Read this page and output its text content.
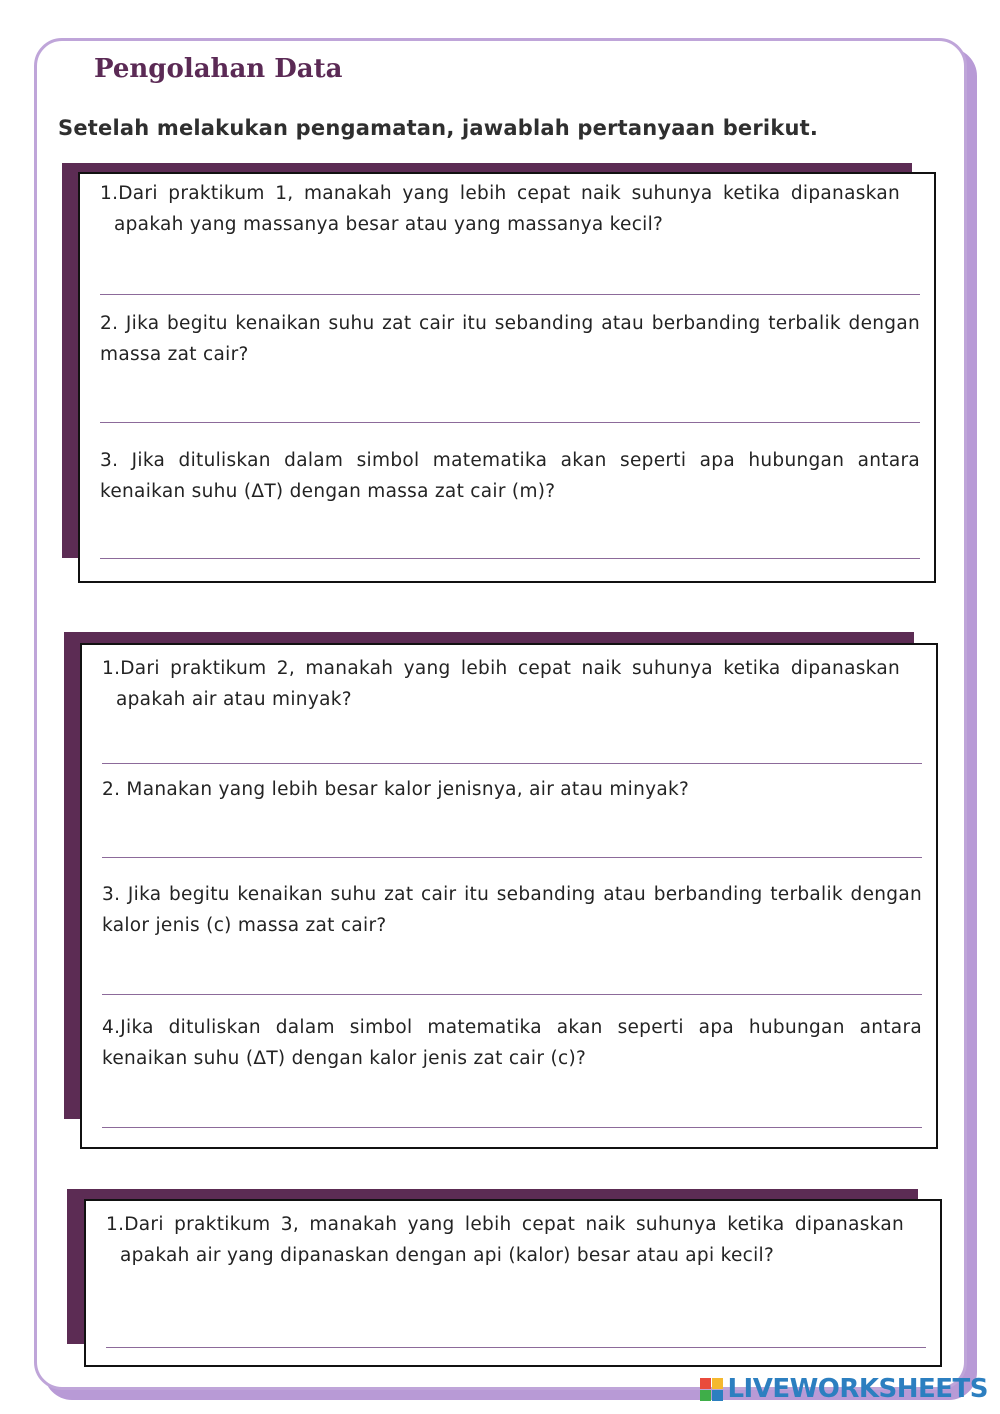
Pengolahan Data
Setelah melakukan pengamatan, jawablah pertanyaan berikut.
1.Dari praktikum 1, manakah yang lebih cepat naik suhunya ketika dipanaskan apakah yang massanya besar atau yang massanya kecil?
2. Jika begitu kenaikan suhu zat cair itu sebanding atau berbanding terbalik dengan massa zat cair?
3. Jika dituliskan dalam simbol matematika akan seperti apa hubungan antara kenaikan suhu (ΔT) dengan massa zat cair (m)?
1.Dari praktikum 2, manakah yang lebih cepat naik suhunya ketika dipanaskan apakah air atau minyak?
2. Manakan yang lebih besar kalor jenisnya, air atau minyak?
3. Jika begitu kenaikan suhu zat cair itu sebanding atau berbanding terbalik dengan kalor jenis (c) massa zat cair?
4.Jika dituliskan dalam simbol matematika akan seperti apa hubungan antara kenaikan suhu (ΔT) dengan kalor jenis zat cair (c)?
1.Dari praktikum 3, manakah yang lebih cepat naik suhunya ketika dipanaskan apakah air yang dipanaskan dengan api (kalor) besar atau api kecil?
LIVEWORKSHEETS
